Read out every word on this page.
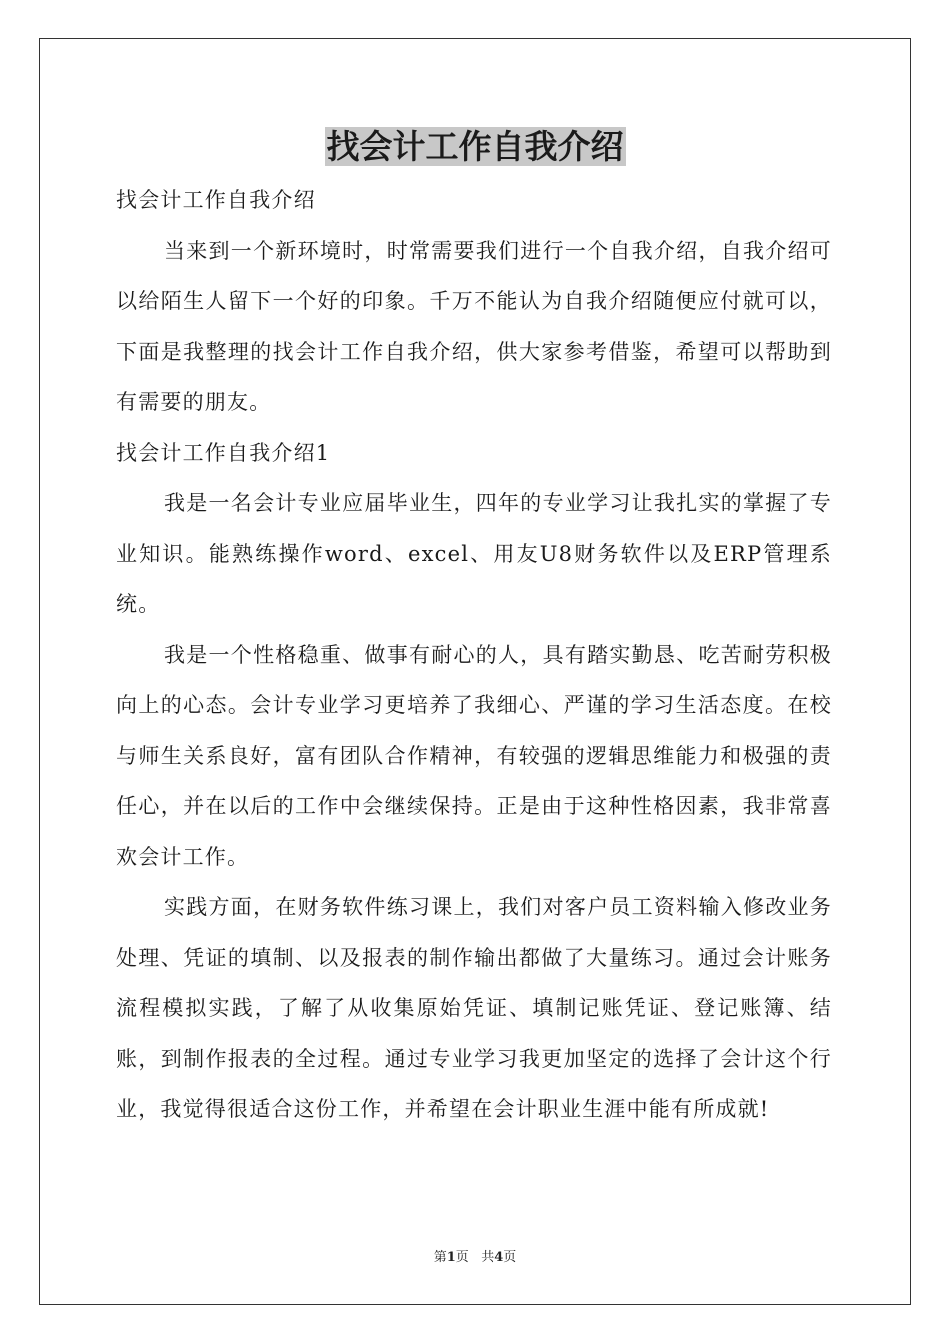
找会计工作自我介绍

找会计工作自我介绍

当来到一个新环境时，时常需要我们进行一个自我介绍，自我介绍可以给陌生人留下一个好的印象。千万不能认为自我介绍随便应付就可以，下面是我整理的找会计工作自我介绍，供大家参考借鉴，希望可以帮助到有需要的朋友。

找会计工作自我介绍1

我是一名会计专业应届毕业生，四年的专业学习让我扎实的掌握了专业知识。能熟练操作word、excel、用友U8财务软件以及ERP管理系统。

我是一个性格稳重、做事有耐心的人，具有踏实勤恳、吃苦耐劳积极向上的心态。会计专业学习更培养了我细心、严谨的学习生活态度。在校与师生关系良好，富有团队合作精神，有较强的逻辑思维能力和极强的责任心，并在以后的工作中会继续保持。正是由于这种性格因素，我非常喜欢会计工作。

实践方面，在财务软件练习课上，我们对客户员工资料输入修改业务处理、凭证的填制、以及报表的制作输出都做了大量练习。通过会计账务流程模拟实践，了解了从收集原始凭证、填制记账凭证、登记账簿、结账，到制作报表的全过程。通过专业学习我更加坚定的选择了会计这个行业，我觉得很适合这份工作，并希望在会计职业生涯中能有所成就!

第1页 共4页
